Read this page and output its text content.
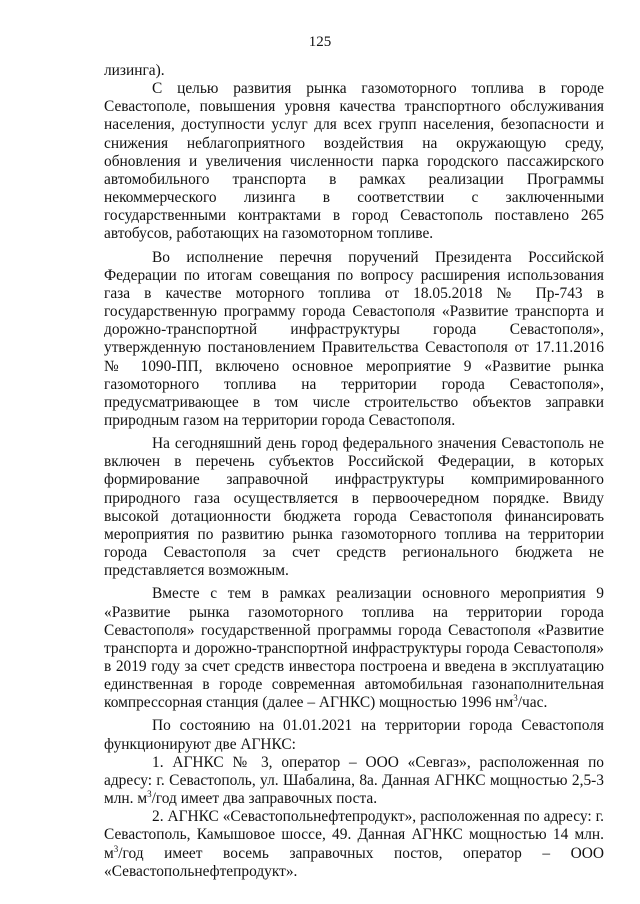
125

лизинга).

С целью развития рынка газомоторного топлива в городе Севастополе, повышения уровня качества транспортного обслуживания населения, доступности услуг для всех групп населения, безопасности и снижения неблагоприятного воздействия на окружающую среду, обновления и увеличения численности парка городского пассажирского автомобильного транспорта в рамках реализации Программы некоммерческого лизинга в соответствии с заключенными государственными контрактами в город Севастополь поставлено 265 автобусов, работающих на газомоторном топливе.

Во исполнение перечня поручений Президента Российской Федерации по итогам совещания по вопросу расширения использования газа в качестве моторного топлива от 18.05.2018 № Пр-743 в государственную программу города Севастополя «Развитие транспорта и дорожно-транспортной инфраструктуры города Севастополя», утвержденную постановлением Правительства Севастополя от 17.11.2016 № 1090-ПП, включено основное мероприятие 9 «Развитие рынка газомоторного топлива на территории города Севастополя», предусматривающее в том числе строительство объектов заправки природным газом на территории города Севастополя.

На сегодняшний день город федерального значения Севастополь не включен в перечень субъектов Российской Федерации, в которых формирование заправочной инфраструктуры компримированного природного газа осуществляется в первоочередном порядке. Ввиду высокой дотационности бюджета города Севастополя финансировать мероприятия по развитию рынка газомоторного топлива на территории города Севастополя за счет средств регионального бюджета не представляется возможным.

Вместе с тем в рамках реализации основного мероприятия 9 «Развитие рынка газомоторного топлива на территории города Севастополя» государственной программы города Севастополя «Развитие транспорта и дорожно-транспортной инфраструктуры города Севастополя» в 2019 году за счет средств инвестора построена и введена в эксплуатацию единственная в городе современная автомобильная газонаполнительная компрессорная станция (далее – АГНКС) мощностью 1996 $нм^3$/час.

По состоянию на 01.01.2021 на территории города Севастополя функционируют две АГНКС:

1. АГНКС № 3, оператор – ООО «Севгаз», расположенная по адресу: г. Севастополь, ул. Шабалина, 8а. Данная АГНКС мощностью 2,5-3 млн. $м^3$/год имеет два заправочных поста.

2. АГНКС «Севастопольнефтепродукт», расположенная по адресу: г. Севастополь, Камышовое шоссе, 49. Данная АГНКС мощностью 14 млн. $м^3$/год имеет восемь заправочных постов, оператор – ООО «Севастопольнефтепродукт».
